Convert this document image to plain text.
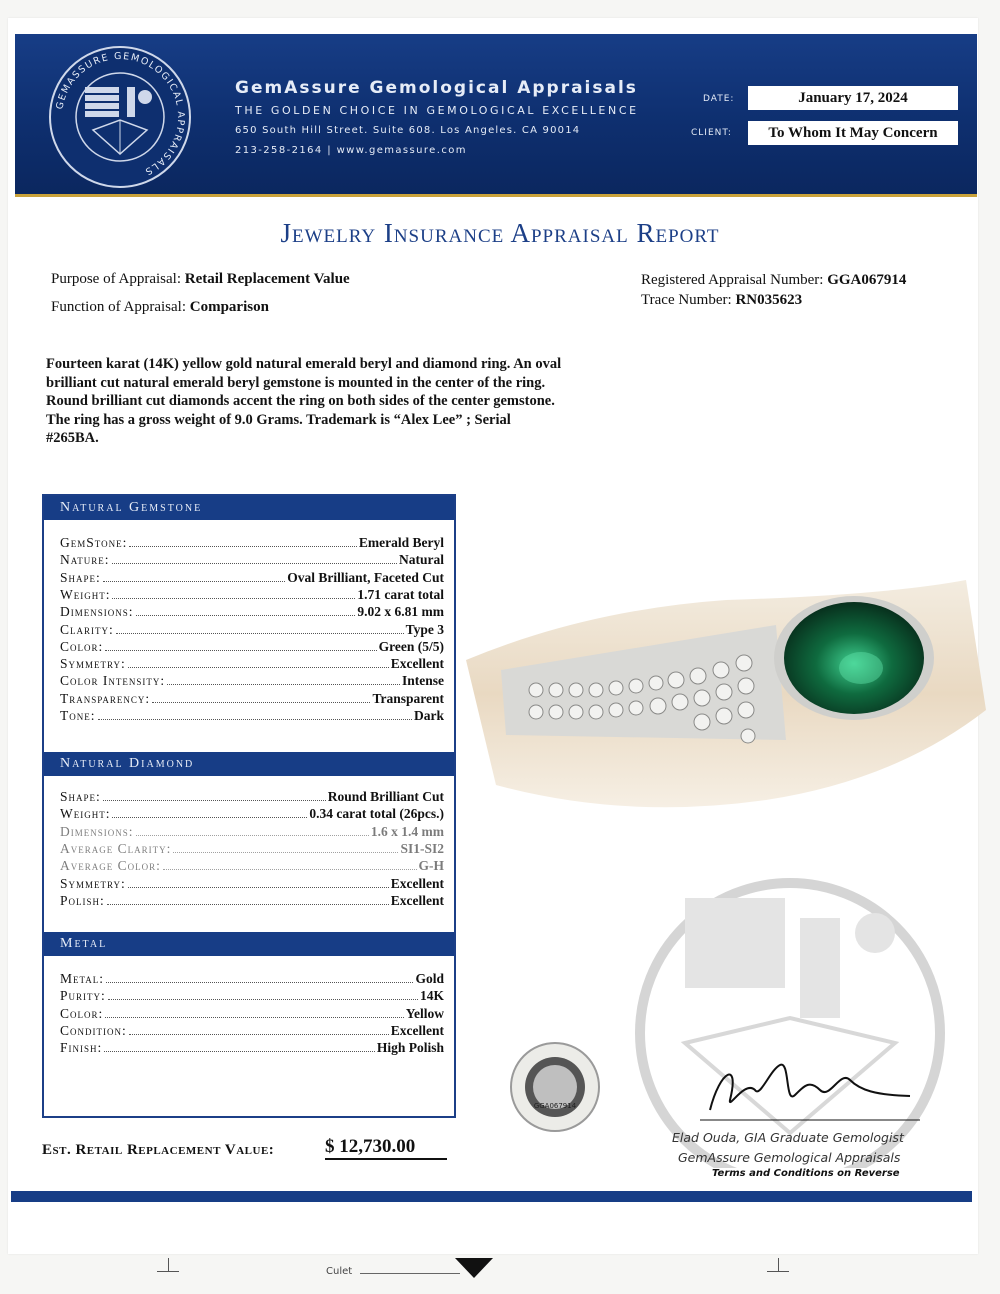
GEMASSURE GEMOLOGICAL APPRAISALS
GemAssure Gemological Appraisals
THE GOLDEN CHOICE IN GEMOLOGICAL EXCELLENCE
650 South Hill Street. Suite 608. Los Angeles. CA 90014
213-258-2164 | www.gemassure.com
DATE:	January 17, 2024
CLIENT:	To Whom It May Concern
Jewelry Insurance Appraisal Report
Purpose of Appraisal: Retail Replacement Value
Function of Appraisal: Comparison
Registered Appraisal Number: GGA067914
Trace Number: RN035623
Fourteen karat (14K) yellow gold natural emerald beryl and diamond ring. An oval brilliant cut natural emerald beryl gemstone is mounted in the center of the ring. Round brilliant cut diamonds accent the ring on both sides of the center gemstone. The ring has a gross weight of 9.0 Grams. Trademark is “Alex Lee” ; Serial #265BA.
Natural Gemstone
GemStone:	Emerald Beryl
Nature:	Natural
Shape:	Oval Brilliant, Faceted Cut
Weight:	1.71 carat total
Dimensions:	9.02 x 6.81 mm
Clarity:	Type 3
Color:	Green (5/5)
Symmetry:	Excellent
Color Intensity:	Intense
Transparency:	Transparent
Tone:	Dark
Natural Diamond
Shape:	Round Brilliant Cut
Weight:	0.34 carat total (26pcs.)
Dimensions:	1.6 x 1.4 mm
Average Clarity:	SI1-SI2
Average Color:	G-H
Symmetry:	Excellent
Polish:	Excellent
Metal
Metal:	Gold
Purity:	14K
Color:	Yellow
Condition:	Excellent
Finish:	High Polish
GGA067914
Est. Retail Replacement Value:	$ 12,730.00	Elad Ouda, GIA Graduate Gemologist
GemAssure Gemological Appraisals
Terms and Conditions on Reverse
Culet
